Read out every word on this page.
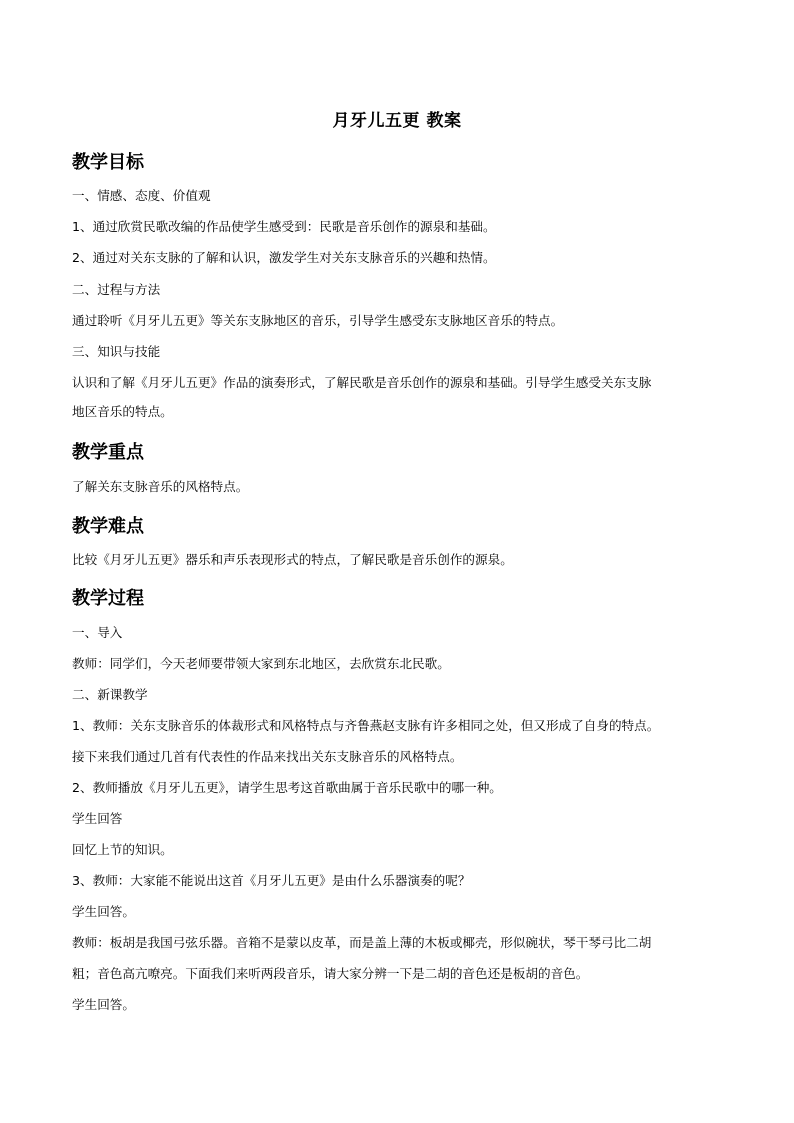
月牙儿五更 教案
教学目标
一、情感、态度、价值观
1、通过欣赏民歌改编的作品使学生感受到：民歌是音乐创作的源泉和基础。
2、通过对关东支脉的了解和认识，激发学生对关东支脉音乐的兴趣和热情。
二、过程与方法
通过聆听《月牙儿五更》等关东支脉地区的音乐，引导学生感受东支脉地区音乐的特点。
三、知识与技能
认识和了解《月牙儿五更》作品的演奏形式，了解民歌是音乐创作的源泉和基础。引导学生感受关东支脉
地区音乐的特点。
教学重点
了解关东支脉音乐的风格特点。
教学难点
比较《月牙儿五更》器乐和声乐表现形式的特点，了解民歌是音乐创作的源泉。
教学过程
一、导入
教师：同学们，今天老师要带领大家到东北地区，去欣赏东北民歌。
二、新课教学
1、教师：关东支脉音乐的体裁形式和风格特点与齐鲁燕赵支脉有许多相同之处，但又形成了自身的特点。
接下来我们通过几首有代表性的作品来找出关东支脉音乐的风格特点。
2、教师播放《月牙儿五更》，请学生思考这首歌曲属于音乐民歌中的哪一种。
学生回答
回忆上节的知识。
3、教师：大家能不能说出这首《月牙儿五更》是由什么乐器演奏的呢？
学生回答。
教师：板胡是我国弓弦乐器。音箱不是蒙以皮革，而是盖上薄的木板或椰壳，形似碗状，琴干琴弓比二胡
粗；音色高亢嘹亮。下面我们来听两段音乐，请大家分辨一下是二胡的音色还是板胡的音色。
学生回答。
